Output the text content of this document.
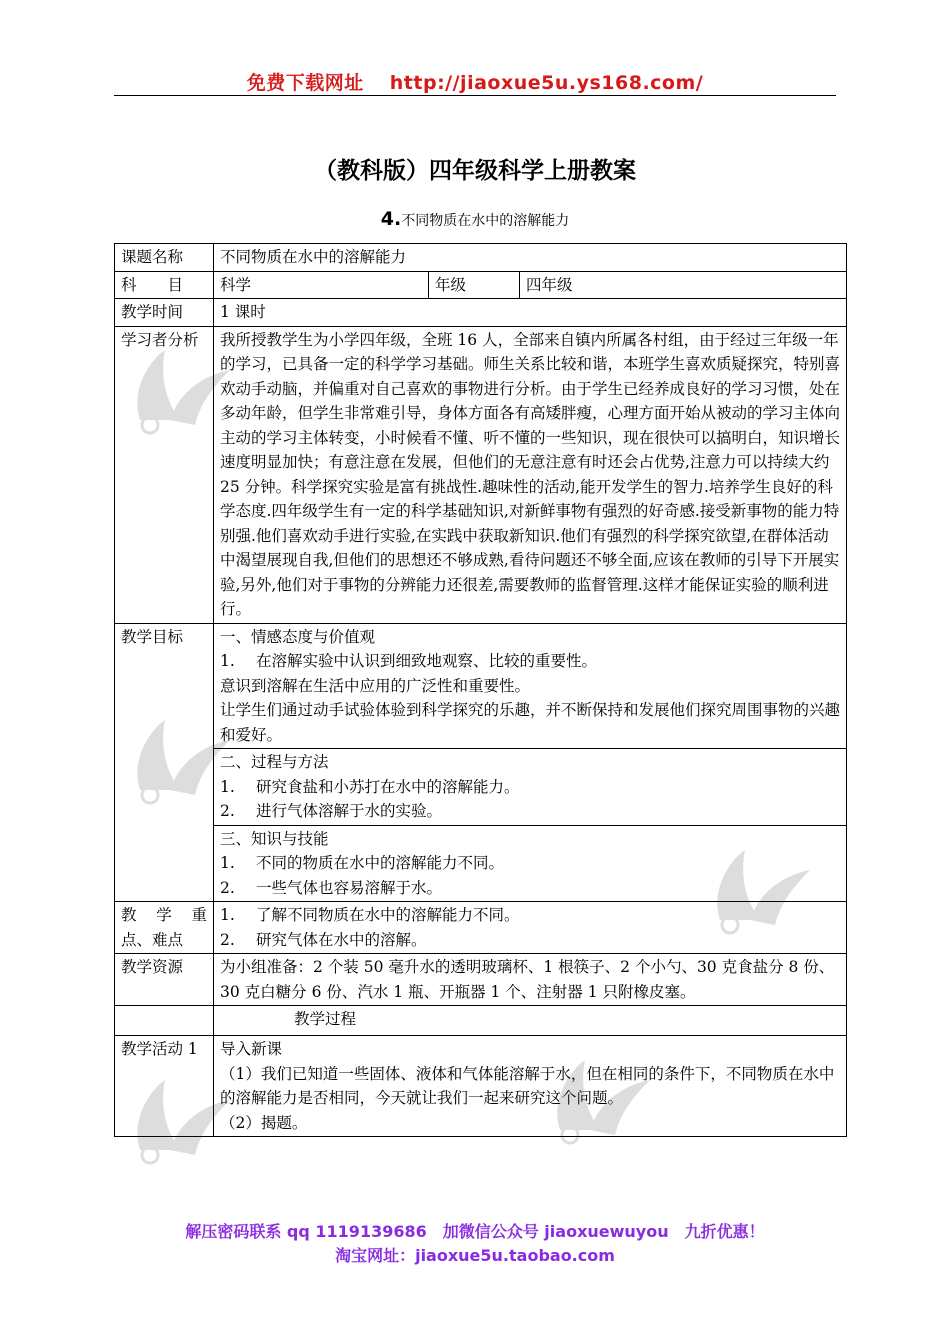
免费下载网址 http://jiaoxue5u.ys168.com/
（教科版）四年级科学上册教案
4.不同物质在水中的溶解能力
课题名称	不同物质在水中的溶解能力		
科　　目	科学	年级	四年级
教学时间	1 课时		
学习者分析	我所授教学生为小学四年级，全班 16 人，全部来自镇内所属各村组，由于经过三年级一年的学习，已具备一定的科学学习基础。师生关系比较和谐，本班学生喜欢质疑探究，特别喜欢动手动脑，并偏重对自己喜欢的事物进行分析。由于学生已经养成良好的学习习惯，处在多动年龄，但学生非常难引导，身体方面各有高矮胖瘦，心理方面开始从被动的学习主体向主动的学习主体转变，小时候看不懂、听不懂的一些知识，现在很快可以搞明白，知识增长速度明显加快；有意注意在发展，但他们的无意注意有时还会占优势,注意力可以持续大约 25 分钟。科学探究实验是富有挑战性.趣味性的活动,能开发学生的智力.培养学生良好的科学态度.四年级学生有一定的科学基础知识,对新鲜事物有强烈的好奇感.接受新事物的能力特别强.他们喜欢动手进行实验,在实践中获取新知识.他们有强烈的科学探究欲望,在群体活动中渴望展现自我,但他们的思想还不够成熟,看待问题还不够全面,应该在教师的引导下开展实验,另外,他们对于事物的分辨能力还很差,需要教师的监督管理.这样才能保证实验的顺利进行。		
教学目标	一、情感态度与价值观

1. 在溶解实验中认识到细致地观察、比较的重要性。

意识到溶解在生活中应用的广泛性和重要性。

让学生们通过动手试验体验到科学探究的乐趣，并不断保持和发展他们探究周围事物的兴趣和爱好。		

	二、过程与方法

1. 研究食盐和小苏打在水中的溶解能力。
2. 进行气体溶解于水的实验。		

	三、知识与技能

1. 不同的物质在水中的溶解能力不同。
2. 一些气体也容易溶解于水。		

教　学　重点、难点	1. 了解不同物质在水中的溶解能力不同。
2. 研究气体在水中的溶解。		

教学资源	为小组准备：2 个装 50 毫升水的透明玻璃杯、1 根筷子、2 个小勺、30 克食盐分 8 份、30 克白糖分 6 份、汽水 1 瓶、开瓶器 1 个、注射器 1 只附橡皮塞。		
	教学过程		
教学活动 1	导入新课

（1）我们已知道一些固体、液体和气体能溶解于水，但在相同的条件下，不同物质在水中的溶解能力是否相同，今天就让我们一起来研究这个问题。

（2）揭题。		

解压密码联系 qq 1119139686　加微信公众号 jiaoxuewuyou　九折优惠！
淘宝网址：jiaoxue5u.taobao.com
